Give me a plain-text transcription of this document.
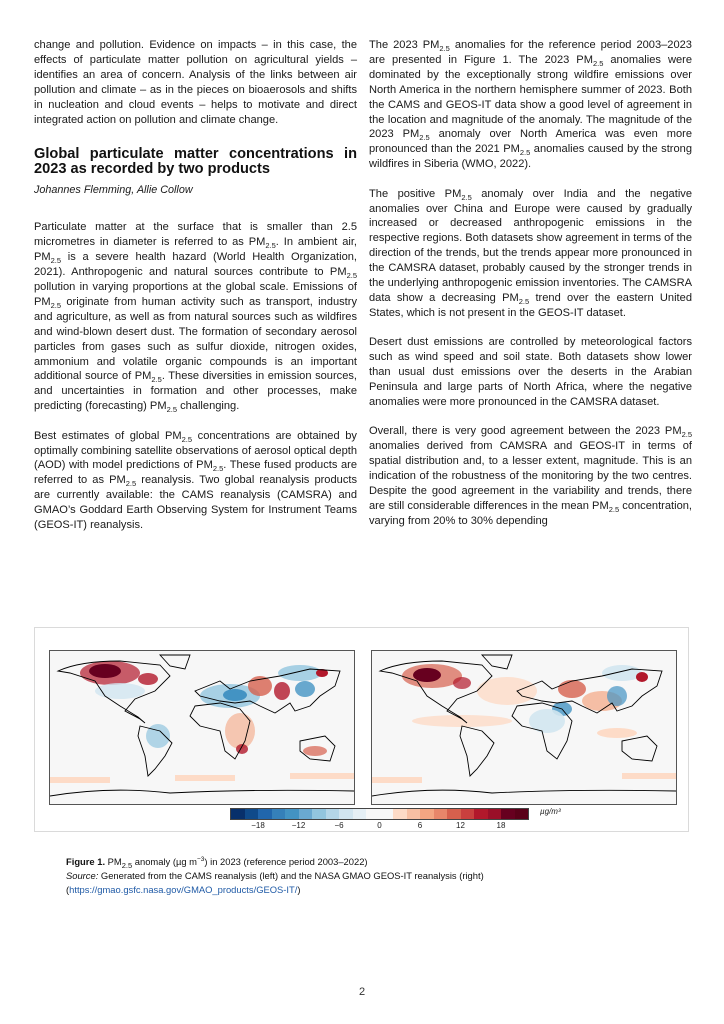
change and pollution. Evidence on impacts – in this case, the effects of particulate matter pollution on agricultural yields – identifies an area of concern. Analysis of the links between air pollution and climate – as in the pieces on bioaerosols and shifts in nucleation and cloud events – helps to motivate and direct integrated action on pollution and climate change.

Global particulate matter concentrations in 2023 as recorded by two products
Johannes Flemming, Allie Collow

Particulate matter at the surface that is smaller than 2.5 micrometres in diameter is referred to as $PM_{2.5}$. In ambient air, $PM_{2.5}$ is a severe health hazard (World Health Organization, 2021). Anthropogenic and natural sources contribute to $PM_{2.5}$ pollution in varying proportions at the global scale. Emissions of $PM_{2.5}$ originate from human activity such as transport, industry and agriculture, as well as from natural sources such as wildfires and wind-blown desert dust. The formation of secondary aerosol particles from gases such as sulfur dioxide, nitrogen oxides, ammonium and volatile organic compounds is an important additional source of $PM_{2.5}$. These diversities in emission sources, and uncertainties in formation and other processes, make predicting (forecasting) $PM_{2.5}$ challenging.

Best estimates of global $PM_{2.5}$ concentrations are obtained by optimally combining satellite observations of aerosol optical depth (AOD) with model predictions of $PM_{2.5}$. These fused products are referred to as $PM_{2.5}$ reanalysis. Two global reanalysis products are currently available: the CAMS reanalysis (CAMSRA) and GMAO’s Goddard Earth Observing System for Instrument Teams (GEOS-IT) reanalysis.

The 2023 $PM_{2.5}$ anomalies for the reference period 2003–2023 are presented in Figure 1. The 2023 $PM_{2.5}$ anomalies were dominated by the exceptionally strong wildfire emissions over North America in the northern hemisphere summer of 2023. Both the CAMS and GEOS-IT data show a good level of agreement in the location and magnitude of the anomaly. The magnitude of the 2023 $PM_{2.5}$ anomaly over North America was even more pronounced than the 2021 $PM_{2.5}$ anomalies caused by the strong wildfires in Siberia (WMO, 2022).

The positive $PM_{2.5}$ anomaly over India and the negative anomalies over China and Europe were caused by gradually increased or decreased anthropogenic emissions in the respective regions. Both datasets show agreement in terms of the direction of the trends, but the trends appear more pronounced in the CAMSRA dataset, probably caused by the stronger trends in the underlying anthropogenic emission inventories. The CAMSRA data show a decreasing $PM_{2.5}$ trend over the eastern United States, which is not present in the GEOS-IT dataset.

Desert dust emissions are controlled by meteorological factors such as wind speed and soil state. Both datasets show lower than usual dust emissions over the deserts in the Arabian Peninsula and large parts of North Africa, where the negative anomalies were more pronounced in the CAMSRA dataset.

Overall, there is very good agreement between the 2023 $PM_{2.5}$ anomalies derived from CAMSRA and GEOS-IT in terms of spatial distribution and, to a lesser extent, magnitude. This is an indication of the robustness of the monitoring by the two centres. Despite the good agreement in the variability and trends, there are still considerable differences in the mean $PM_{2.5}$ concentration, varying from 20% to 30% depending

−18	−12	−6	0	6	12	18
µg/m³
Figure 1. $PM_{2.5}$ anomaly (µg $m^{-3}$) in 2023 (reference period 2003–2022)
Source: Generated from the CAMS reanalysis (left) and the NASA GMAO GEOS-IT reanalysis (right) (https://gmao.gsfc.nasa.gov/GMAO_products/GEOS-IT/)
2
